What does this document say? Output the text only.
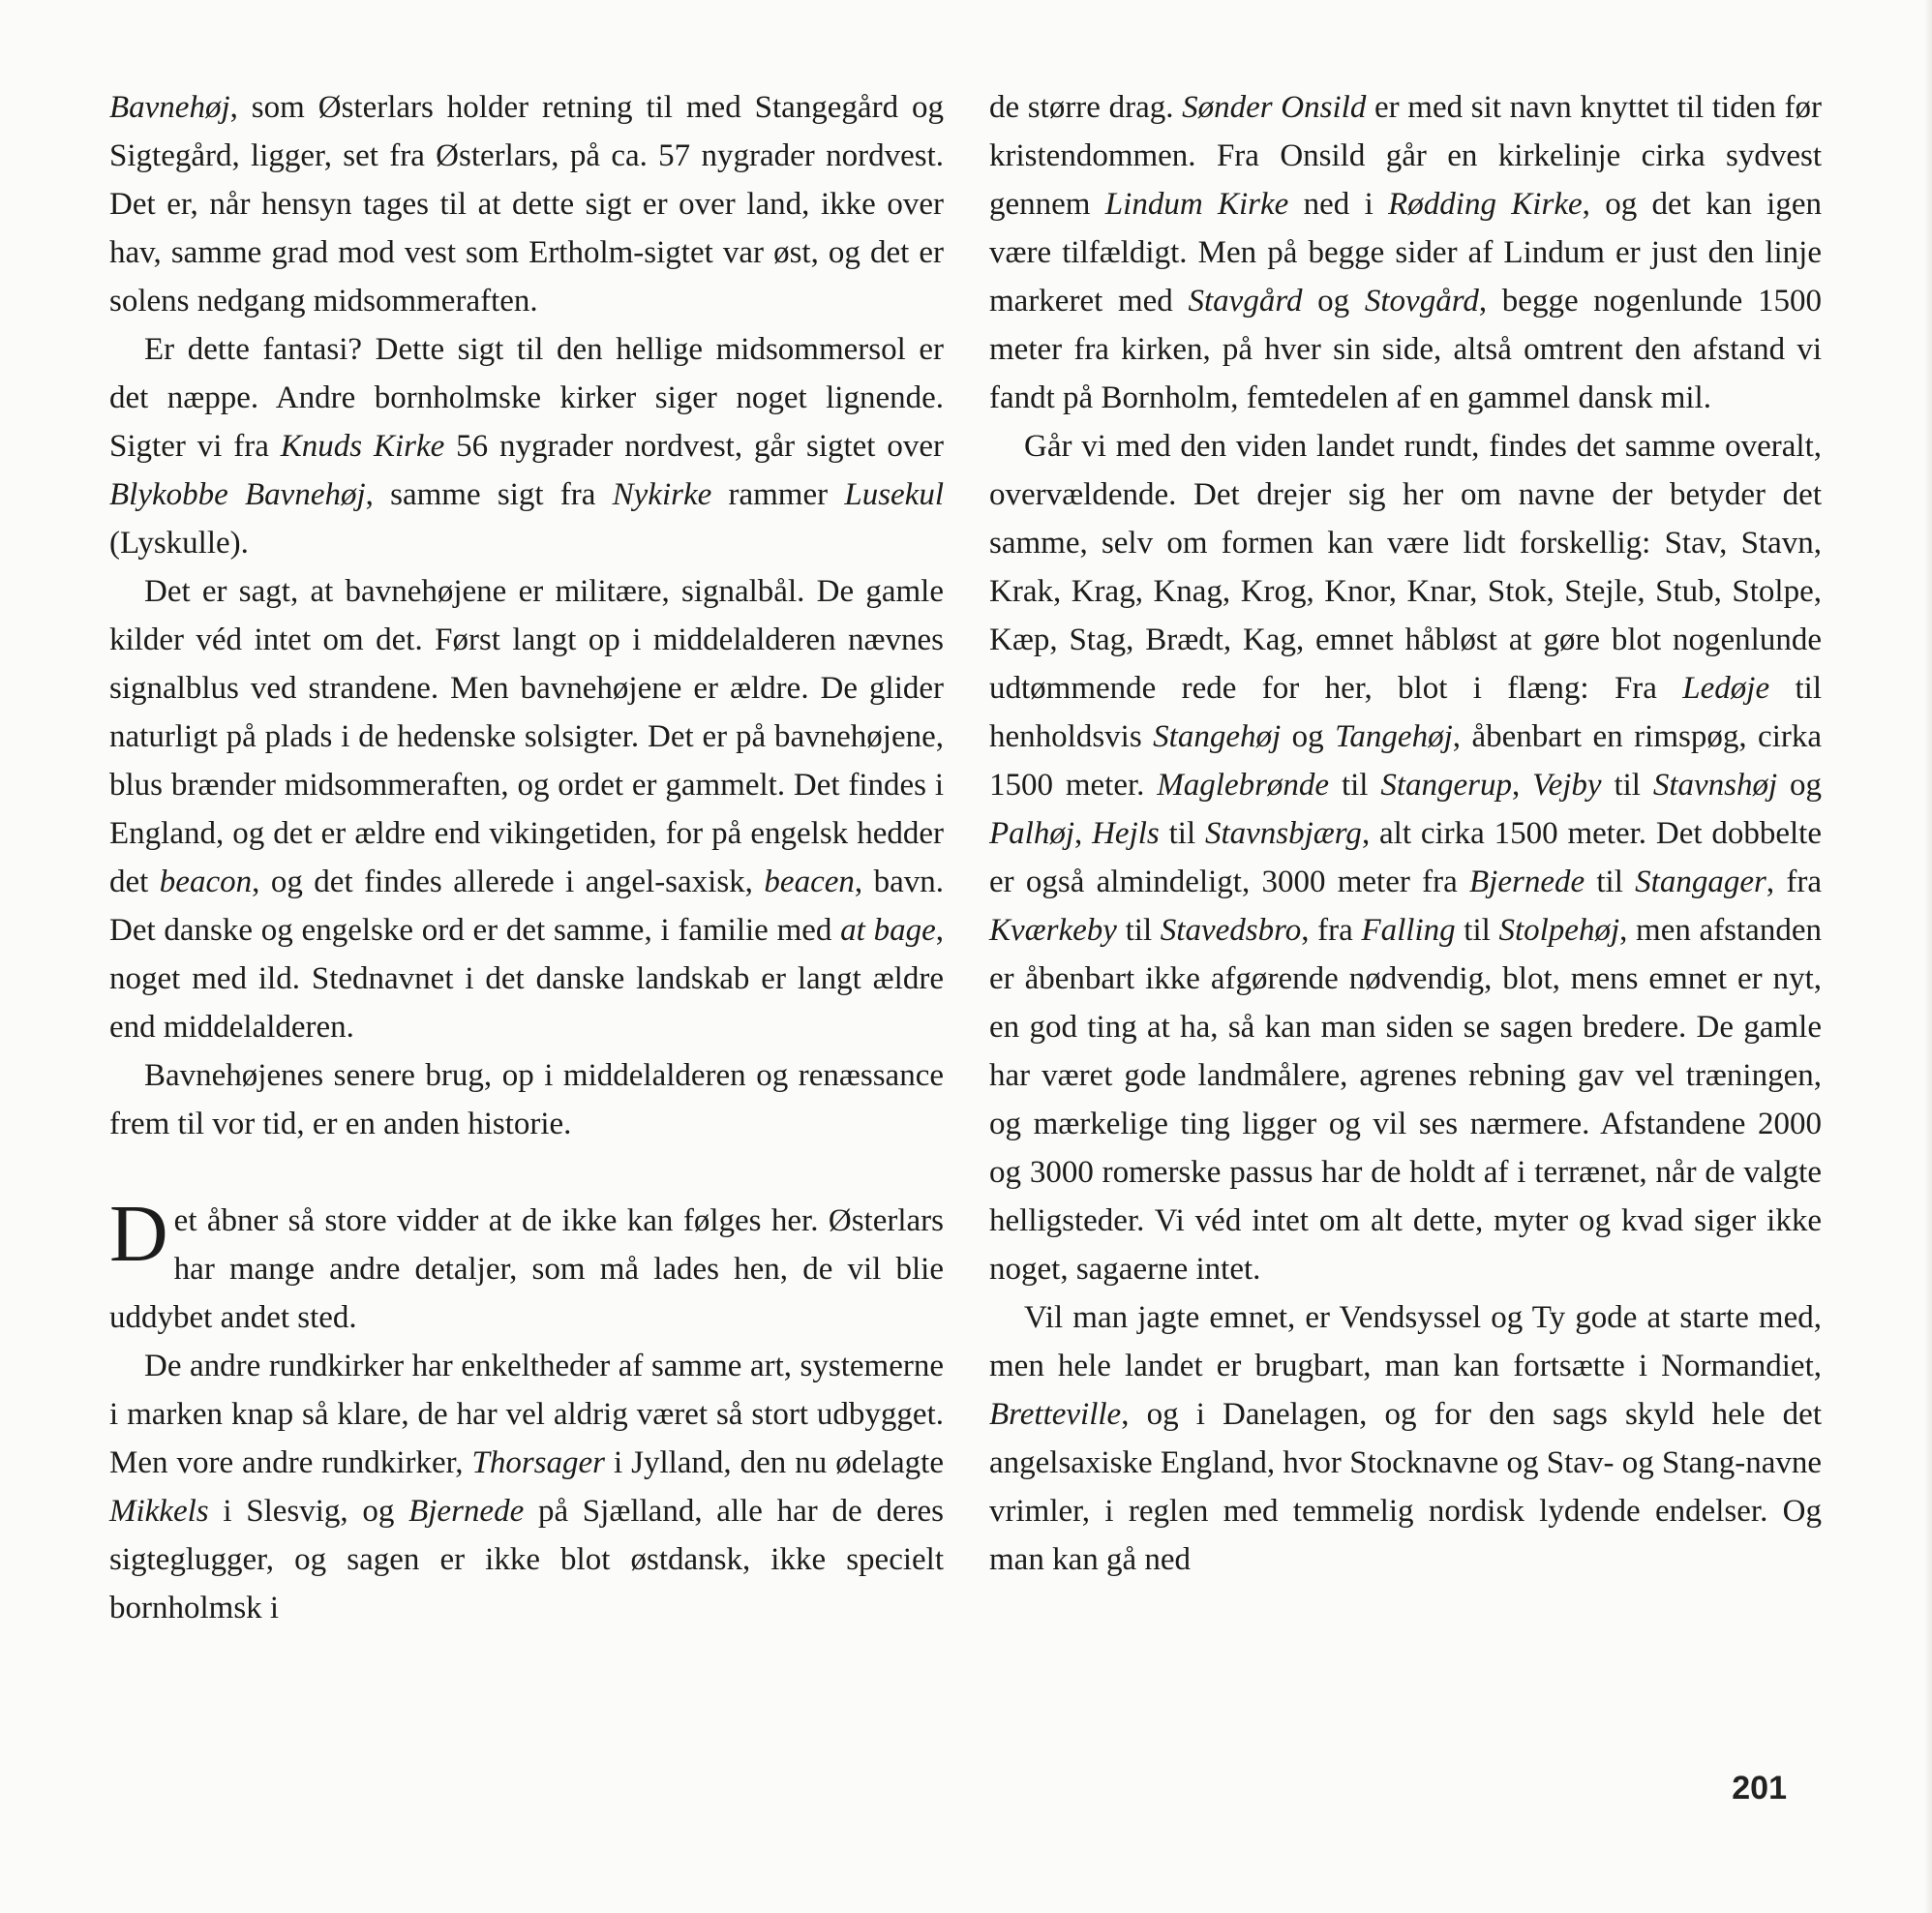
Bavnehøj, som Østerlars holder retning til med Stangegård og Sigtegård, ligger, set fra Østerlars, på ca. 57 nygrader nordvest. Det er, når hensyn tages til at dette sigt er over land, ikke over hav, samme grad mod vest som Ertholm-sigtet var øst, og det er solens nedgang midsommeraften.

Er dette fantasi? Dette sigt til den hellige midsommersol er det næppe. Andre bornholmske kirker siger noget lignende. Sigter vi fra Knuds Kirke 56 nygrader nordvest, går sigtet over Blykobbe Bavnehøj, samme sigt fra Nykirke rammer Lusekul (Lyskulle).

Det er sagt, at bavnehøjene er militære, signalbål. De gamle kilder véd intet om det. Først langt op i middelalderen nævnes signalblus ved strandene. Men bavnehøjene er ældre. De glider naturligt på plads i de hedenske solsigter. Det er på bavnehøjene, blus brænder midsommeraften, og ordet er gammelt. Det findes i England, og det er ældre end vikingetiden, for på engelsk hedder det beacon, og det findes allerede i angel-saxisk, beacen, bavn. Det danske og engelske ord er det samme, i familie med at bage, noget med ild. Stednavnet i det danske landskab er langt ældre end middelalderen.

Bavnehøjenes senere brug, op i middelalderen og renæssance frem til vor tid, er en anden historie.

Det åbner så store vidder at de ikke kan følges her. Østerlars har mange andre detaljer, som må lades hen, de vil blie uddybet andet sted.

De andre rundkirker har enkeltheder af samme art, systemerne i marken knap så klare, de har vel aldrig været så stort udbygget. Men vore andre rundkirker, Thorsager i Jylland, den nu ødelagte Mikkels i Slesvig, og Bjernede på Sjælland, alle har de deres sigteglugger, og sagen er ikke blot østdansk, ikke specielt bornholmsk i

de større drag. Sønder Onsild er med sit navn knyttet til tiden før kristendommen. Fra Onsild går en kirkelinje cirka sydvest gennem Lindum Kirke ned i Rødding Kirke, og det kan igen være tilfældigt. Men på begge sider af Lindum er just den linje markeret med Stavgård og Stovgård, begge nogenlunde 1500 meter fra kirken, på hver sin side, altså omtrent den afstand vi fandt på Bornholm, femtedelen af en gammel dansk mil.

Går vi med den viden landet rundt, findes det samme overalt, overvældende. Det drejer sig her om navne der betyder det samme, selv om formen kan være lidt forskellig: Stav, Stavn, Krak, Krag, Knag, Krog, Knor, Knar, Stok, Stejle, Stub, Stolpe, Kæp, Stag, Brædt, Kag, emnet håbløst at gøre blot nogenlunde udtømmende rede for her, blot i flæng: Fra Ledøje til henholdsvis Stangehøj og Tangehøj, åbenbart en rimspøg, cirka 1500 meter. Maglebrønde til Stangerup, Vejby til Stavnshøj og Palhøj, Hejls til Stavnsbjærg, alt cirka 1500 meter. Det dobbelte er også almindeligt, 3000 meter fra Bjernede til Stangager, fra Kværkeby til Stavedsbro, fra Falling til Stolpehøj, men afstanden er åbenbart ikke afgørende nødvendig, blot, mens emnet er nyt, en god ting at ha, så kan man siden se sagen bredere. De gamle har været gode landmålere, agrenes rebning gav vel træningen, og mærkelige ting ligger og vil ses nærmere. Afstandene 2000 og 3000 romerske passus har de holdt af i terrænet, når de valgte helligsteder. Vi véd intet om alt dette, myter og kvad siger ikke noget, sagaerne intet.

Vil man jagte emnet, er Vendsyssel og Ty gode at starte med, men hele landet er brugbart, man kan fortsætte i Normandiet, Bretteville, og i Danelagen, og for den sags skyld hele det angelsaxiske England, hvor Stocknavne og Stav- og Stang-navne vrimler, i reglen med temmelig nordisk lydende endelser. Og man kan gå ned

201
